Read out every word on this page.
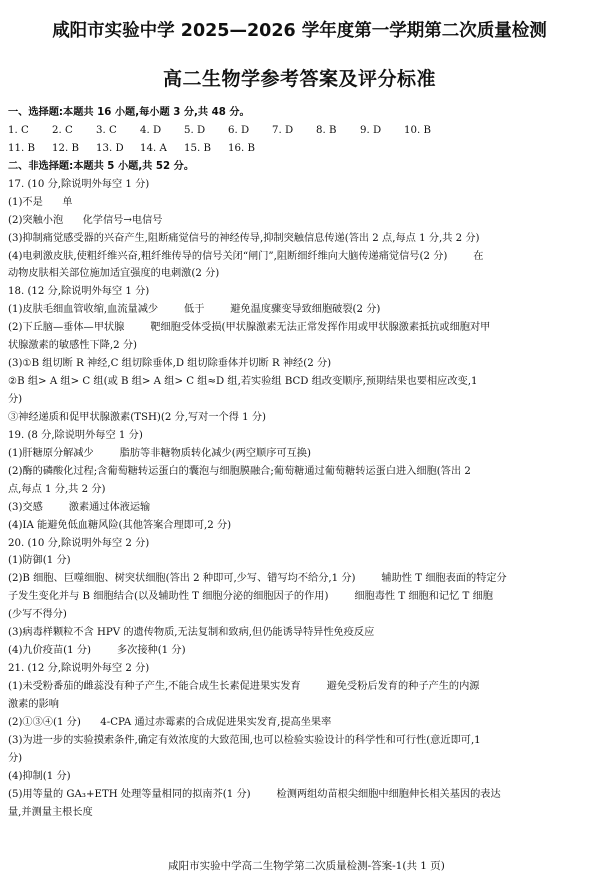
咸阳市实验中学 2025—2026 学年度第一学期第二次质量检测
高二生物学参考答案及评分标准
一、选择题:本题共 16 小题,每小题 3 分,共 48 分。
1. C	2. C	3. C	4. D	5. D	6. D	7. D	8. B	9. D	10. B
11. B	12. B	13. D	14. A	15. B	16. B
二、非选择题:本题共 5 小题,共 52 分。
17. (10 分,除说明外每空 1 分)
(1)不是      单
(2)突触小泡      化学信号→电信号
(3)抑制痛觉感受器的兴奋产生,阻断痛觉信号的神经传导,抑制突触信息传递(答出 2 点,每点 1 分,共 2 分)
(4)电刺激皮肤,使粗纤维兴奋,粗纤维传导的信号关闭“闸门”,阻断细纤维向大脑传递痛觉信号(2 分)        在
动物皮肤相关部位施加适宜强度的电刺激(2 分)
18. (12 分,除说明外每空 1 分)
(1)皮肤毛细血管收缩,血流量减少        低于        避免温度骤变导致细胞破裂(2 分)
(2)下丘脑—垂体—甲状腺        靶细胞受体受损(甲状腺激素无法正常发挥作用或甲状腺激素抵抗或细胞对甲
状腺激素的敏感性下降,2 分)
(3)①B 组切断 R 神经,C 组切除垂体,D 组切除垂体并切断 R 神经(2 分)
②B 组> A 组> C 组(或 B 组> A 组> C 组≈D 组,若实验组 BCD 组改变顺序,预期结果也要相应改变,1
分)
③神经递质和促甲状腺激素(TSH)(2 分,写对一个得 1 分)
19. (8 分,除说明外每空 1 分)
(1)肝糖原分解减少        脂肪等非糖物质转化减少(两空顺序可互换)
(2)酶的磷酸化过程;含葡萄糖转运蛋白的囊泡与细胞膜融合;葡萄糖通过葡萄糖转运蛋白进入细胞(答出 2
点,每点 1 分,共 2 分)
(3)交感        激素通过体液运输
(4)IA 能避免低血糖风险(其他答案合理即可,2 分)
20. (10 分,除说明外每空 2 分)
(1)防御(1 分)
(2)B 细胞、巨噬细胞、树突状细胞(答出 2 种即可,少写、错写均不给分,1 分)        辅助性 T 细胞表面的特定分
子发生变化并与 B 细胞结合(以及辅助性 T 细胞分泌的细胞因子的作用)        细胞毒性 T 细胞和记忆 T 细胞
(少写不得分)
(3)病毒样颗粒不含 HPV 的遗传物质,无法复制和致病,但仍能诱导特异性免疫反应
(4)九价疫苗(1 分)        多次接种(1 分)
21. (12 分,除说明外每空 2 分)
(1)未受粉番茄的雌蕊没有种子产生,不能合成生长素促进果实发育        避免受粉后发育的种子产生的内源
激素的影响
(2)①③④(1 分)      4-CPA 通过赤霉素的合成促进果实发育,提高坐果率
(3)为进一步的实验摸索条件,确定有效浓度的大致范围,也可以检验实验设计的科学性和可行性(意近即可,1
分)
(4)抑制(1 分)
(5)用等量的 GA₃+ETH 处理等量相同的拟南芥(1 分)        检测两组幼苗根尖细胞中细胞伸长相关基因的表达
量,并测量主根长度
咸阳市实验中学高二生物学第二次质量检测-答案-1(共 1 页)
